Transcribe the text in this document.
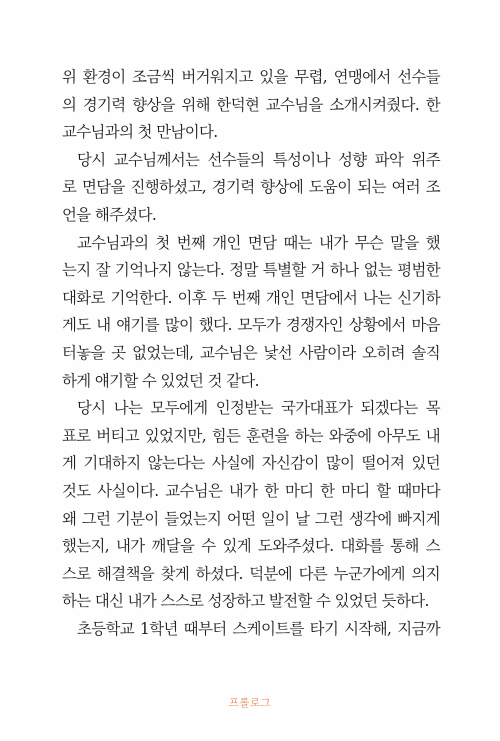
위 환경이 조금씩 버거워지고 있을 무렵, 연맹에서 선수들
의 경기력 향상을 위해 한덕현 교수님을 소개시켜줬다. 한
교수님과의 첫 만남이다.
당시 교수님께서는 선수들의 특성이나 성향 파악 위주
로 면담을 진행하셨고, 경기력 향상에 도움이 되는 여러 조
언을 해주셨다.
교수님과의 첫 번째 개인 면담 때는 내가 무슨 말을 했
는지 잘 기억나지 않는다. 정말 특별할 거 하나 없는 평범한
대화로 기억한다. 이후 두 번째 개인 면담에서 나는 신기하
게도 내 얘기를 많이 했다. 모두가 경쟁자인 상황에서 마음
터놓을 곳 없었는데, 교수님은 낯선 사람이라 오히려 솔직
하게 얘기할 수 있었던 것 같다.
당시 나는 모두에게 인정받는 국가대표가 되겠다는 목
표로 버티고 있었지만, 힘든 훈련을 하는 와중에 아무도 내
게 기대하지 않는다는 사실에 자신감이 많이 떨어져 있던
것도 사실이다. 교수님은 내가 한 마디 한 마디 할 때마다
왜 그런 기분이 들었는지 어떤 일이 날 그런 생각에 빠지게
했는지, 내가 깨달을 수 있게 도와주셨다. 대화를 통해 스
스로 해결책을 찾게 하셨다. 덕분에 다른 누군가에게 의지
하는 대신 내가 스스로 성장하고 발전할 수 있었던 듯하다.
초등학교 1학년 때부터 스케이트를 타기 시작해, 지금까
프롤로그
